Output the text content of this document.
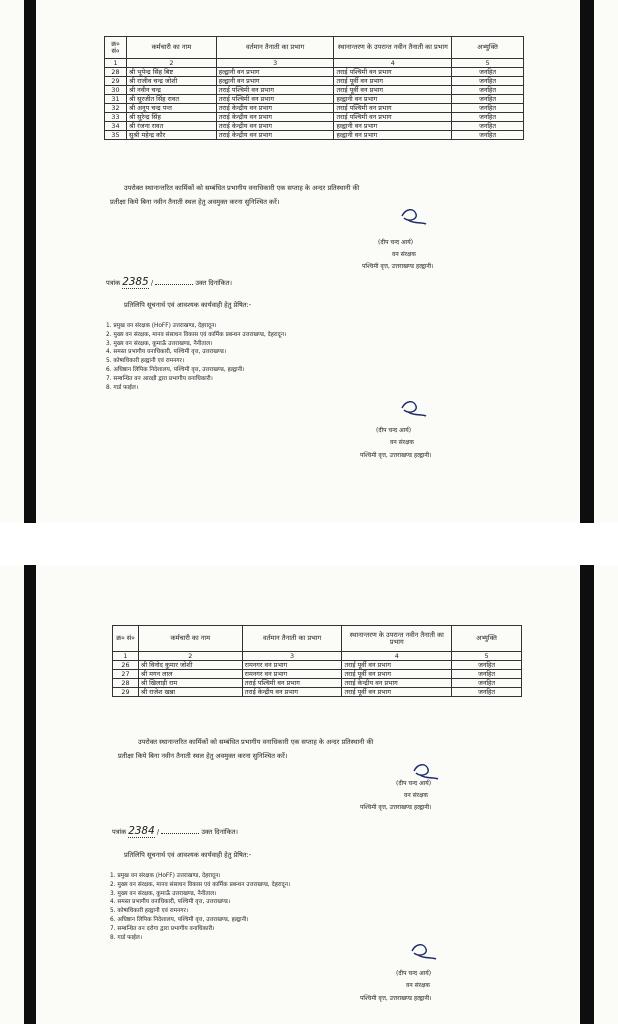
क्र० सं०	कर्मचारी का नाम	वर्तमान तैनाती का प्रभाग	स्थानान्तरण के उपरान्त नवीन तैनाती का प्रभाग	अभ्युक्ति
1	2	3	4	5
28	श्री भूपेन्द्र सिंह बिष्ट	हल्द्वानी वन प्रभाग	तराई पश्चिमी वन प्रभाग	जनहित
29	श्री राजीव चन्द्र जोशी	हल्द्वानी वन प्रभाग	तराई पूर्वी वन प्रभाग	जनहित
30	श्री नवीन चन्द्र	तराई पश्चिमी वन प्रभाग	तराई पूर्वी वन प्रभाग	जनहित
31	श्री सुरजीत सिंह रावत	तराई पश्चिमी वन प्रभाग	हल्द्वानी वन प्रभाग	जनहित
32	श्री अनूप चन्द्र पन्त	तराई केन्द्रीय वन प्रभाग	तराई पश्चिमी वन प्रभाग	जनहित
33	श्री सुरेन्द्र सिंह	तराई केन्द्रीय वन प्रभाग	तराई पश्चिमी वन प्रभाग	जनहित
34	श्री रंजना रावत	तराई केन्द्रीय वन प्रभाग	हल्द्वानी वन प्रभाग	जनहित
35	सुश्री महेन्द्र कौर	तराई केन्द्रीय वन प्रभाग	हल्द्वानी वन प्रभाग	जनहित
उपरोक्त स्थानान्तरित कार्मिकों को सम्बंधित प्रभागीय वनाधिकारी एक सप्ताह के अन्दर प्रतिस्थानी की
प्रतीक्षा किये बिना नवीन तैनाती स्थल हेतु अवमुक्त करना सुनिश्चित करें।
(दीप चन्द आर्य)
वन संरक्षक
पश्चिमी वृत्त, उत्तराखण्ड हल्द्वानी।
पत्रांक 2385 /	उक्त दिनांकित।
प्रतिलिपि सूचनार्थ एवं आवश्यक कार्यवाही हेतु प्रेषित:-
1. प्रमुख वन संरक्षक (HoFF) उत्तराखण्ड, देहरादून।
2. मुख्य वन संरक्षक, मानव संसाधन विकास एवं कार्मिक प्रबन्धन उत्तराखण्ड, देहरादून।
3. मुख्य वन संरक्षक, कुमाऊँ उत्तराखण्ड, नैनीताल।
4. समस्त प्रभागीय वनाधिकारी, पश्चिमी वृत्त, उत्तराखण्ड।
5. कोषाधिकारी हल्द्वानी एवं रामनगर।
6. अधिष्ठान लिपिक निदेशालय, पश्चिमी वृत्त, उत्तराखण्ड, हल्द्वानी।
7. सम्बन्धित वन आरक्षी द्वारा प्रभागीय वनाधिकारी।
8. गार्ड फाईल।
(दीप चन्द आर्य)
वन संरक्षक
पश्चिमी वृत्त, उत्तराखण्ड हल्द्वानी।
क्र० सं०	कर्मचारी का नाम	वर्तमान तैनाती का प्रभाग	स्थानान्तरण के उपरान्त नवीन तैनाती का प्रभाग	अभ्युक्ति
1	2	3	4	5
26	श्री विनोद कुमार जोशी	रामनगर वन प्रभाग	तराई पूर्वी वन प्रभाग	जनहित
27	श्री मगन लाल	रामनगर वन प्रभाग	तराई पूर्वी वन प्रभाग	जनहित
28	श्री खिलाड़ी राम	तराई पश्चिमी वन प्रभाग	तराई केन्द्रीय वन प्रभाग	जनहित
29	श्री राजेश खन्ना	तराई केन्द्रीय वन प्रभाग	तराई पूर्वी वन प्रभाग	जनहित
उपरोक्त स्थानान्तरित कार्मिकों को सम्बंधित प्रभागीय वनाधिकारी एक सप्ताह के अन्दर प्रतिस्थानी की
प्रतीक्षा किये बिना नवीन तैनाती स्थल हेतु अवमुक्त करना सुनिश्चित करें।
(दीप चन्द आर्य)
वन संरक्षक
पश्चिमी वृत्त, उत्तराखण्ड हल्द्वानी।
पत्रांक 2384 /	उक्त दिनांकित।
प्रतिलिपि सूचनार्थ एवं आवश्यक कार्यवाही हेतु प्रेषित:-
1. प्रमुख वन संरक्षक (HoFF) उत्तराखण्ड, देहरादून।
2. मुख्य वन संरक्षक, मानव संसाधन विकास एवं कार्मिक प्रबन्धन उत्तराखण्ड, देहरादून।
3. मुख्य वन संरक्षक, कुमाऊँ उत्तराखण्ड, नैनीताल।
4. समस्त प्रभागीय वनाधिकारी, पश्चिमी वृत्त, उत्तराखण्ड।
5. कोषाधिकारी हल्द्वानी एवं रामनगर।
6. अधिष्ठान लिपिक निदेशालय, पश्चिमी वृत्त, उत्तराखण्ड, हल्द्वानी।
7. सम्बन्धित वन दरोगा द्वारा प्रभागीय वनाधिकारी।
8. गार्ड फाईल।
(दीप चन्द आर्य)
वन संरक्षक
पश्चिमी वृत्त, उत्तराखण्ड हल्द्वानी।
